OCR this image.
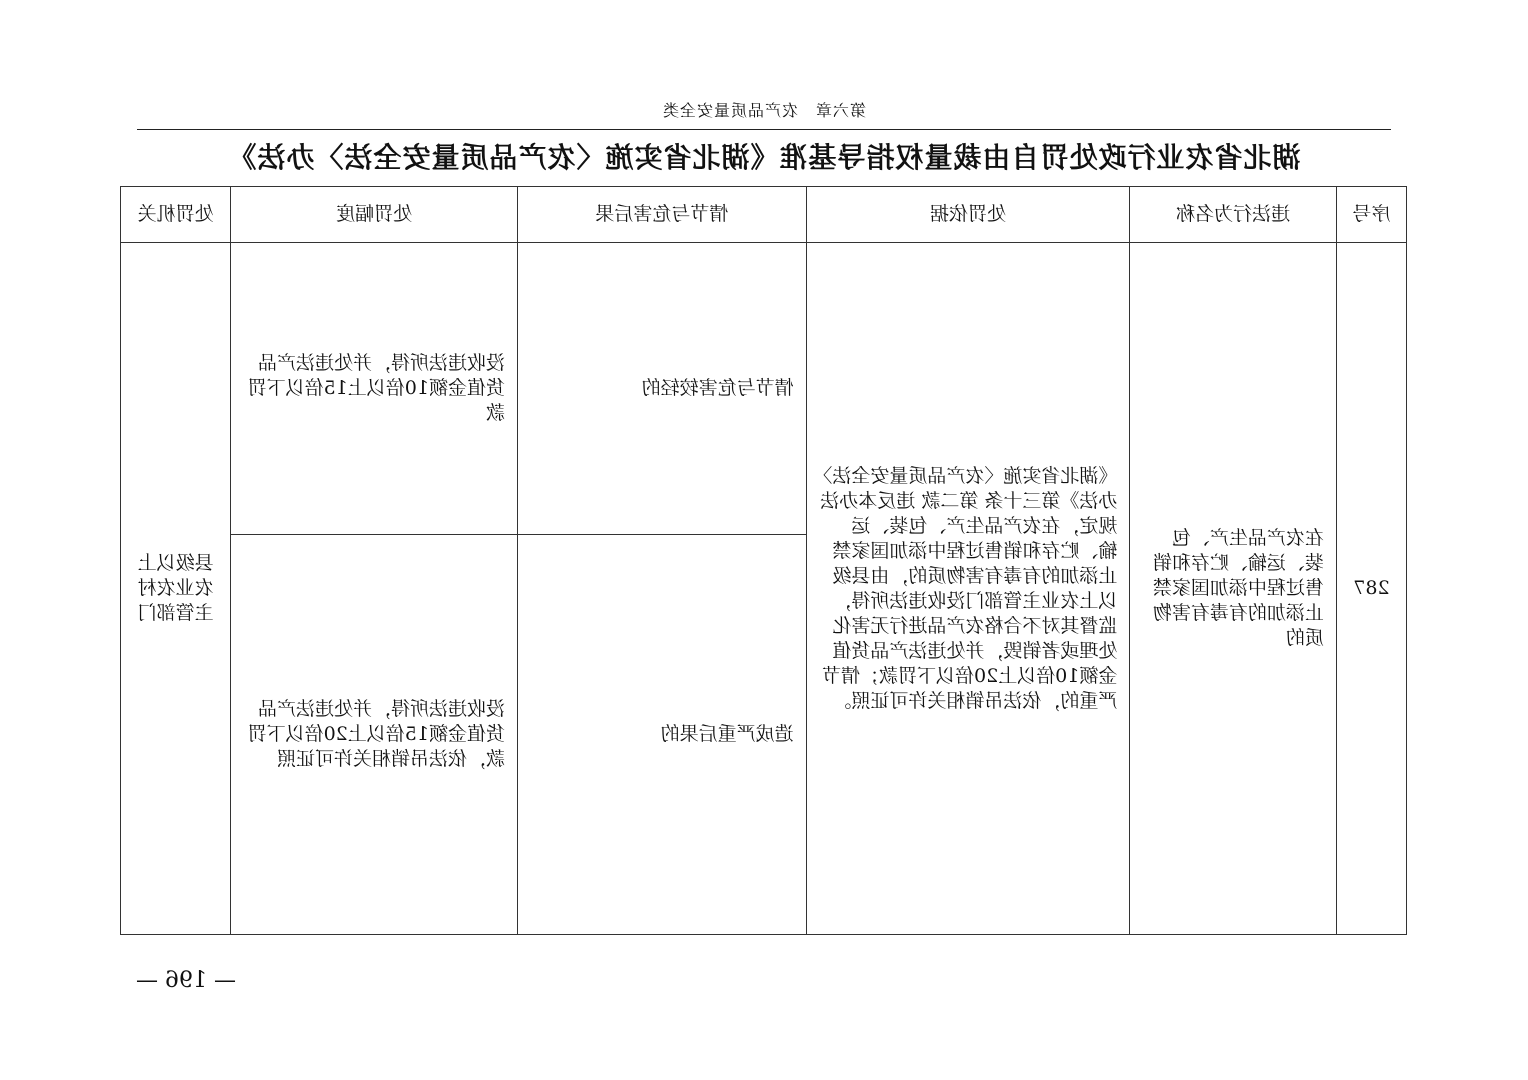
第六章　农产品质量安全类
湖北省农业行政处罚自由裁量权指导基准《湖北省实施〈农产品质量安全法〉办法》
序号	违法行为名称	处罚依据	情节与危害后果	处罚幅度	处罚机关
287	在农产品生产、包装、运输、贮存和销售过程中添加国家禁止添加的有毒有害物质的	《湖北省实施〈农产品质量安全法〉办法》第三十条 第二款 违反本办法规定，在农产品生产、包装、运输、贮存和销售过程中添加国家禁止添加的有毒有害物质的，由县级以上农业主管部门没收违法所得，监督其对不合格农产品进行无害化处理或者销毁，并处违法产品货值金额10倍以上20倍以下罚款；情节严重的，依法吊销相关许可证照。	情节与危害较轻的	没收违法所得，并处违法产品货值金额10倍以上15倍以下罚款	县级以上农业农村主管部门
			造成严重后果的	没收违法所得，并处违法产品货值金额15倍以上20倍以下罚款，依法吊销相关许可证照	
— 196 —
